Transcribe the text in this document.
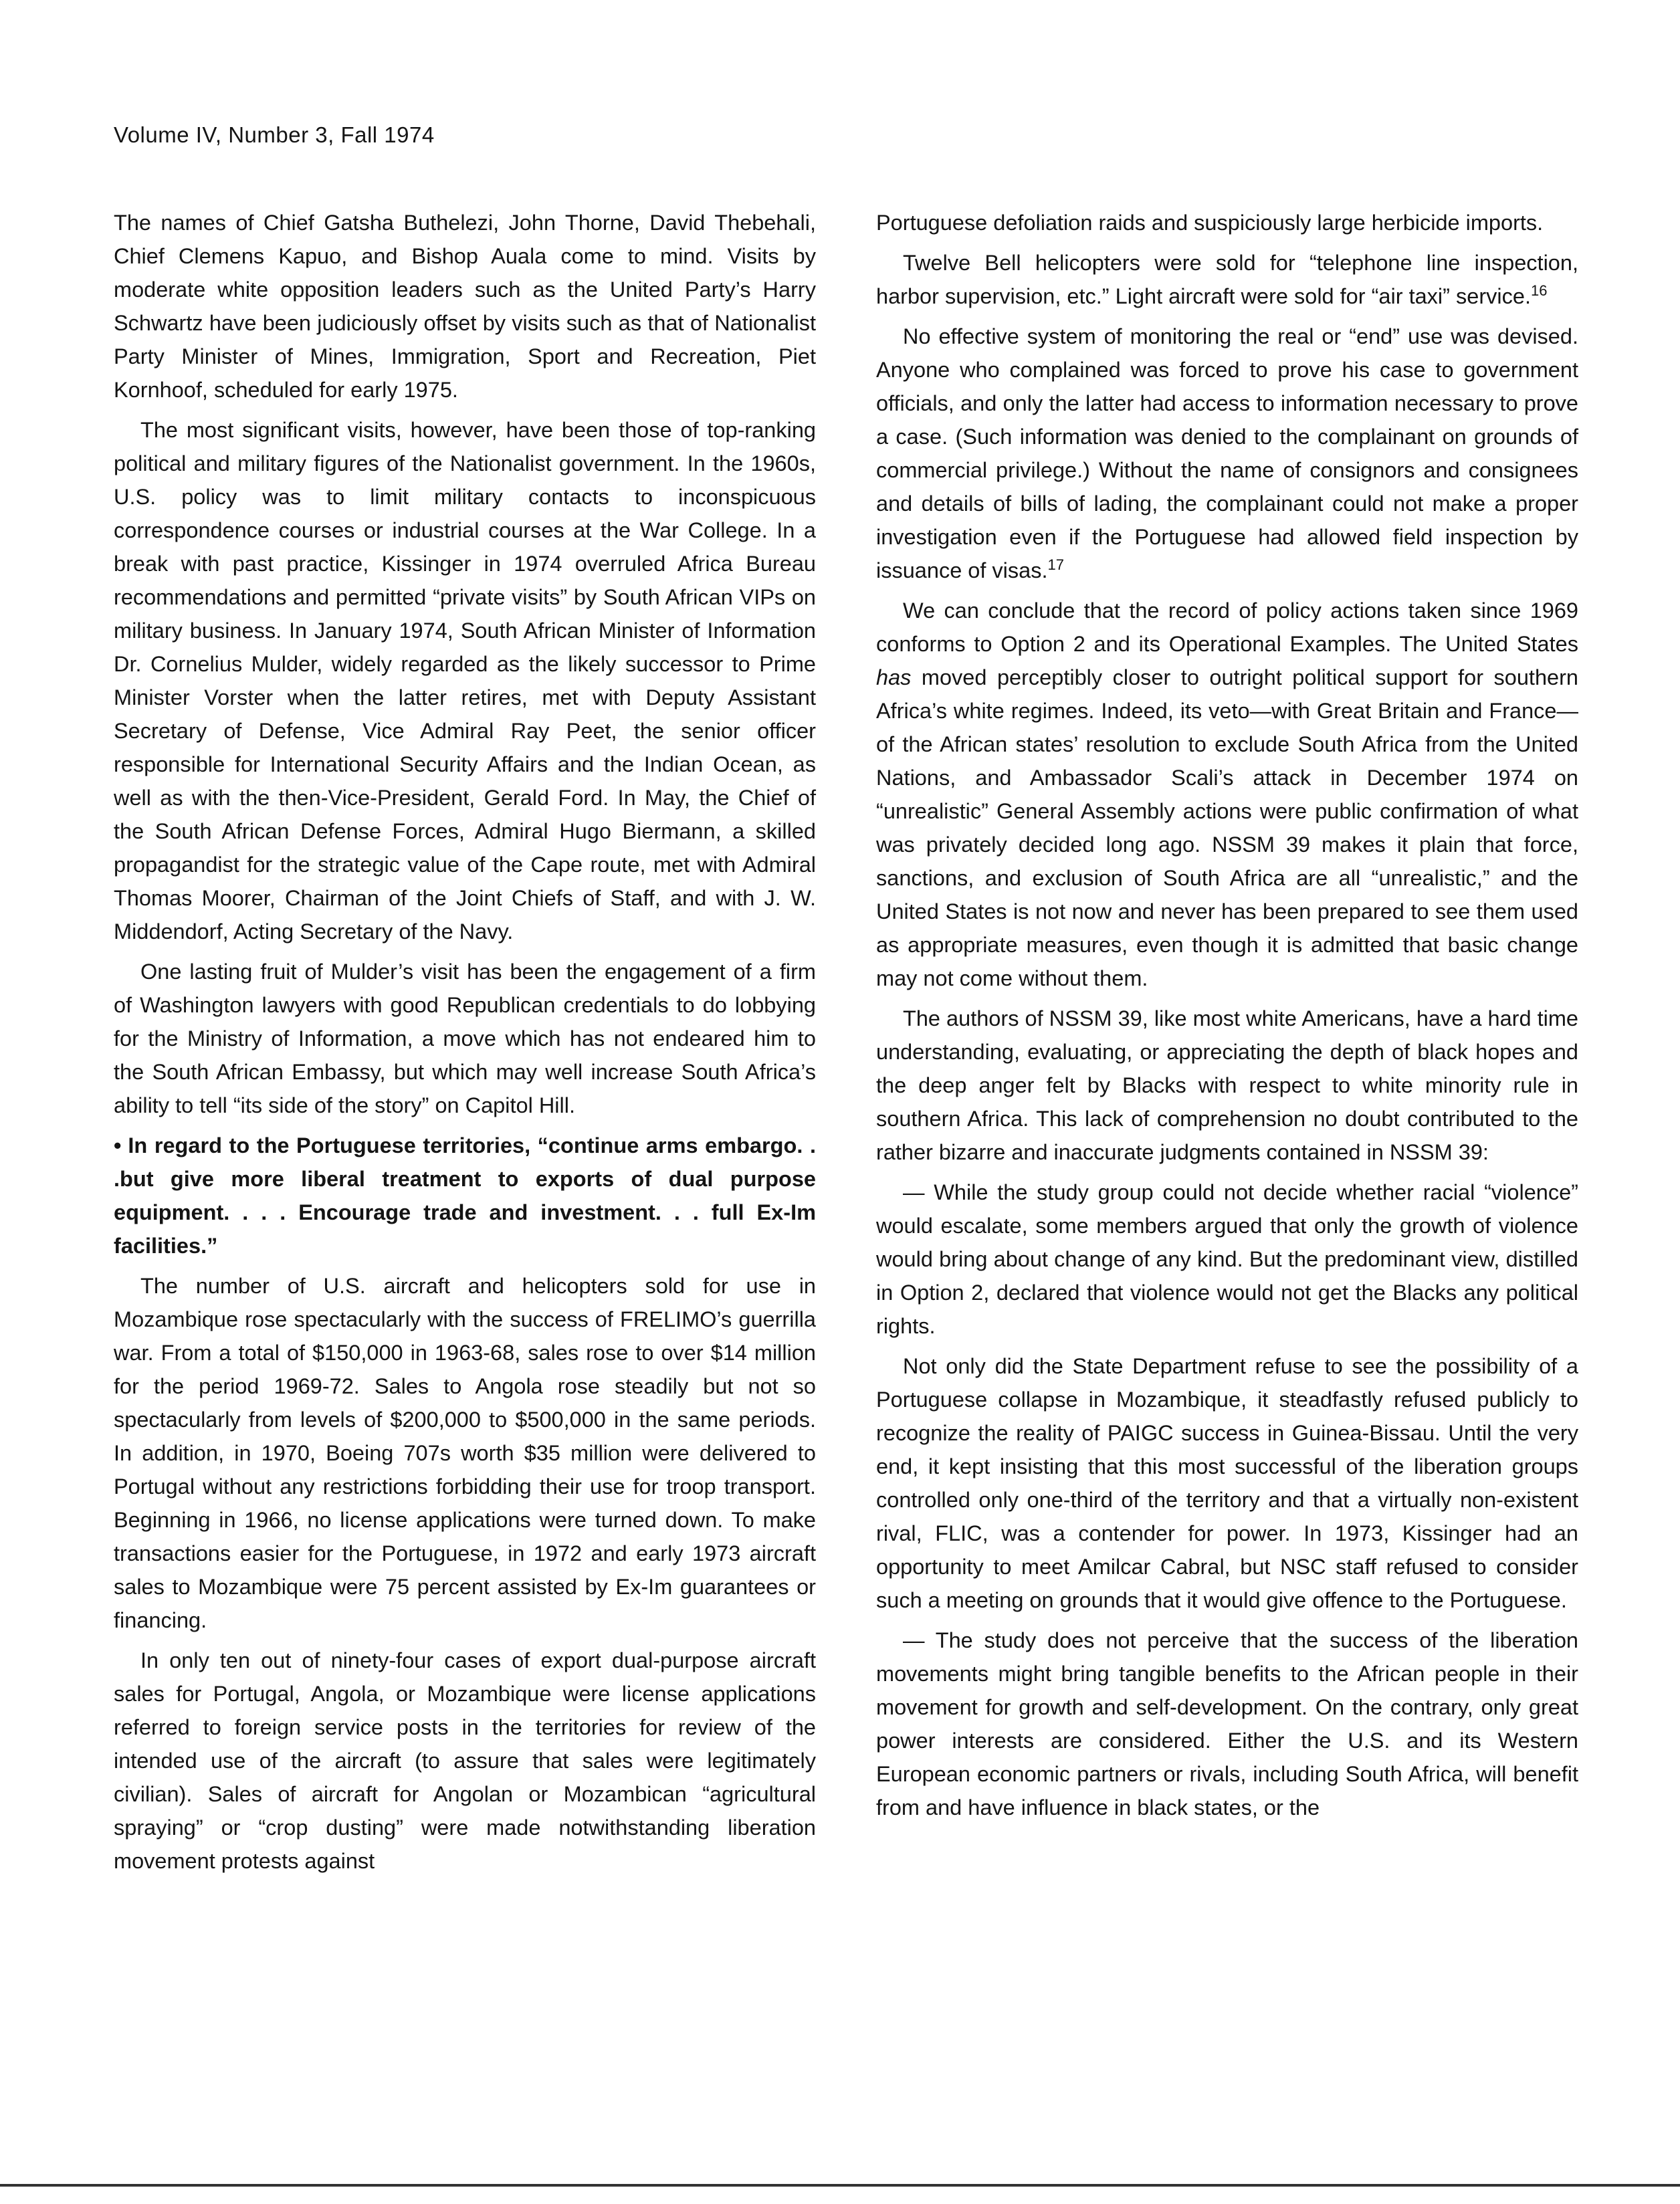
Volume IV, Number 3, Fall 1974

The names of Chief Gatsha Buthelezi, John Thorne, David Thebehali, Chief Clemens Kapuo, and Bishop Auala come to mind. Visits by moderate white opposition leaders such as the United Party’s Harry Schwartz have been judiciously offset by visits such as that of Nationalist Party Minister of Mines, Immigration, Sport and Recreation, Piet Kornhoof, scheduled for early 1975.

The most significant visits, however, have been those of top-ranking political and military figures of the Nationalist government. In the 1960s, U.S. policy was to limit military contacts to inconspicuous correspondence courses or industrial courses at the War College. In a break with past practice, Kissinger in 1974 overruled Africa Bureau recommendations and permitted “private visits” by South African VIPs on military business. In January 1974, South African Minister of Information Dr. Cornelius Mulder, widely regarded as the likely successor to Prime Minister Vorster when the latter retires, met with Deputy Assistant Secretary of Defense, Vice Admiral Ray Peet, the senior officer responsible for International Security Affairs and the Indian Ocean, as well as with the then-Vice-President, Gerald Ford. In May, the Chief of the South African Defense Forces, Admiral Hugo Biermann, a skilled propagandist for the strategic value of the Cape route, met with Admiral Thomas Moorer, Chairman of the Joint Chiefs of Staff, and with J. W. Middendorf, Acting Secretary of the Navy.

One lasting fruit of Mulder’s visit has been the engagement of a firm of Washington lawyers with good Republican credentials to do lobbying for the Ministry of Information, a move which has not endeared him to the South African Embassy, but which may well increase South Africa’s ability to tell “its side of the story” on Capitol Hill.

• In regard to the Portuguese territories, “continue arms embargo. . .but give more liberal treatment to exports of dual purpose equipment. . . . Encourage trade and investment. . . full Ex-Im facilities.”

The number of U.S. aircraft and helicopters sold for use in Mozambique rose spectacularly with the success of FRELIMO’s guerrilla war. From a total of $150,000 in 1963-68, sales rose to over $14 million for the period 1969-72. Sales to Angola rose steadily but not so spectacularly from levels of $200,000 to $500,000 in the same periods. In addition, in 1970, Boeing 707s worth $35 million were delivered to Portugal without any restrictions forbidding their use for troop transport. Beginning in 1966, no license applications were turned down. To make transactions easier for the Portuguese, in 1972 and early 1973 aircraft sales to Mozambique were 75 percent assisted by Ex-Im guarantees or financing.

In only ten out of ninety-four cases of export dual-purpose aircraft sales for Portugal, Angola, or Mozambique were license applications referred to foreign service posts in the territories for review of the intended use of the aircraft (to assure that sales were legitimately civilian). Sales of aircraft for Angolan or Mozambican “agricultural spraying” or “crop dusting” were made notwithstanding liberation movement protests against

Portuguese defoliation raids and suspiciously large herbicide imports.

Twelve Bell helicopters were sold for “telephone line inspection, harbor supervision, etc.” Light aircraft were sold for “air taxi” service.$^{16}$

No effective system of monitoring the real or “end” use was devised. Anyone who complained was forced to prove his case to government officials, and only the latter had access to information necessary to prove a case. (Such information was denied to the complainant on grounds of commercial privilege.) Without the name of consignors and consignees and details of bills of lading, the complainant could not make a proper investigation even if the Portuguese had allowed field inspection by issuance of visas.$^{17}$

We can conclude that the record of policy actions taken since 1969 conforms to Option 2 and its Operational Examples. The United States has moved perceptibly closer to outright political support for southern Africa’s white regimes. Indeed, its veto—with Great Britain and France—of the African states’ resolution to exclude South Africa from the United Nations, and Ambassador Scali’s attack in December 1974 on “unrealistic” General Assembly actions were public confirmation of what was privately decided long ago. NSSM 39 makes it plain that force, sanctions, and exclusion of South Africa are all “unrealistic,” and the United States is not now and never has been prepared to see them used as appropriate measures, even though it is admitted that basic change may not come without them.

The authors of NSSM 39, like most white Americans, have a hard time understanding, evaluating, or appreciating the depth of black hopes and the deep anger felt by Blacks with respect to white minority rule in southern Africa. This lack of comprehension no doubt contributed to the rather bizarre and inaccurate judgments contained in NSSM 39:

— While the study group could not decide whether racial “violence” would escalate, some members argued that only the growth of violence would bring about change of any kind. But the predominant view, distilled in Option 2, declared that violence would not get the Blacks any political rights.

Not only did the State Department refuse to see the possibility of a Portuguese collapse in Mozambique, it steadfastly refused publicly to recognize the reality of PAIGC success in Guinea-Bissau. Until the very end, it kept insisting that this most successful of the liberation groups controlled only one-third of the territory and that a virtually non-existent rival, FLIC, was a contender for power. In 1973, Kissinger had an opportunity to meet Amilcar Cabral, but NSC staff refused to consider such a meeting on grounds that it would give offence to the Portuguese.

— The study does not perceive that the success of the liberation movements might bring tangible benefits to the African people in their movement for growth and self-development. On the contrary, only great power interests are considered. Either the U.S. and its Western European economic partners or rivals, including South Africa, will benefit from and have influence in black states, or the
